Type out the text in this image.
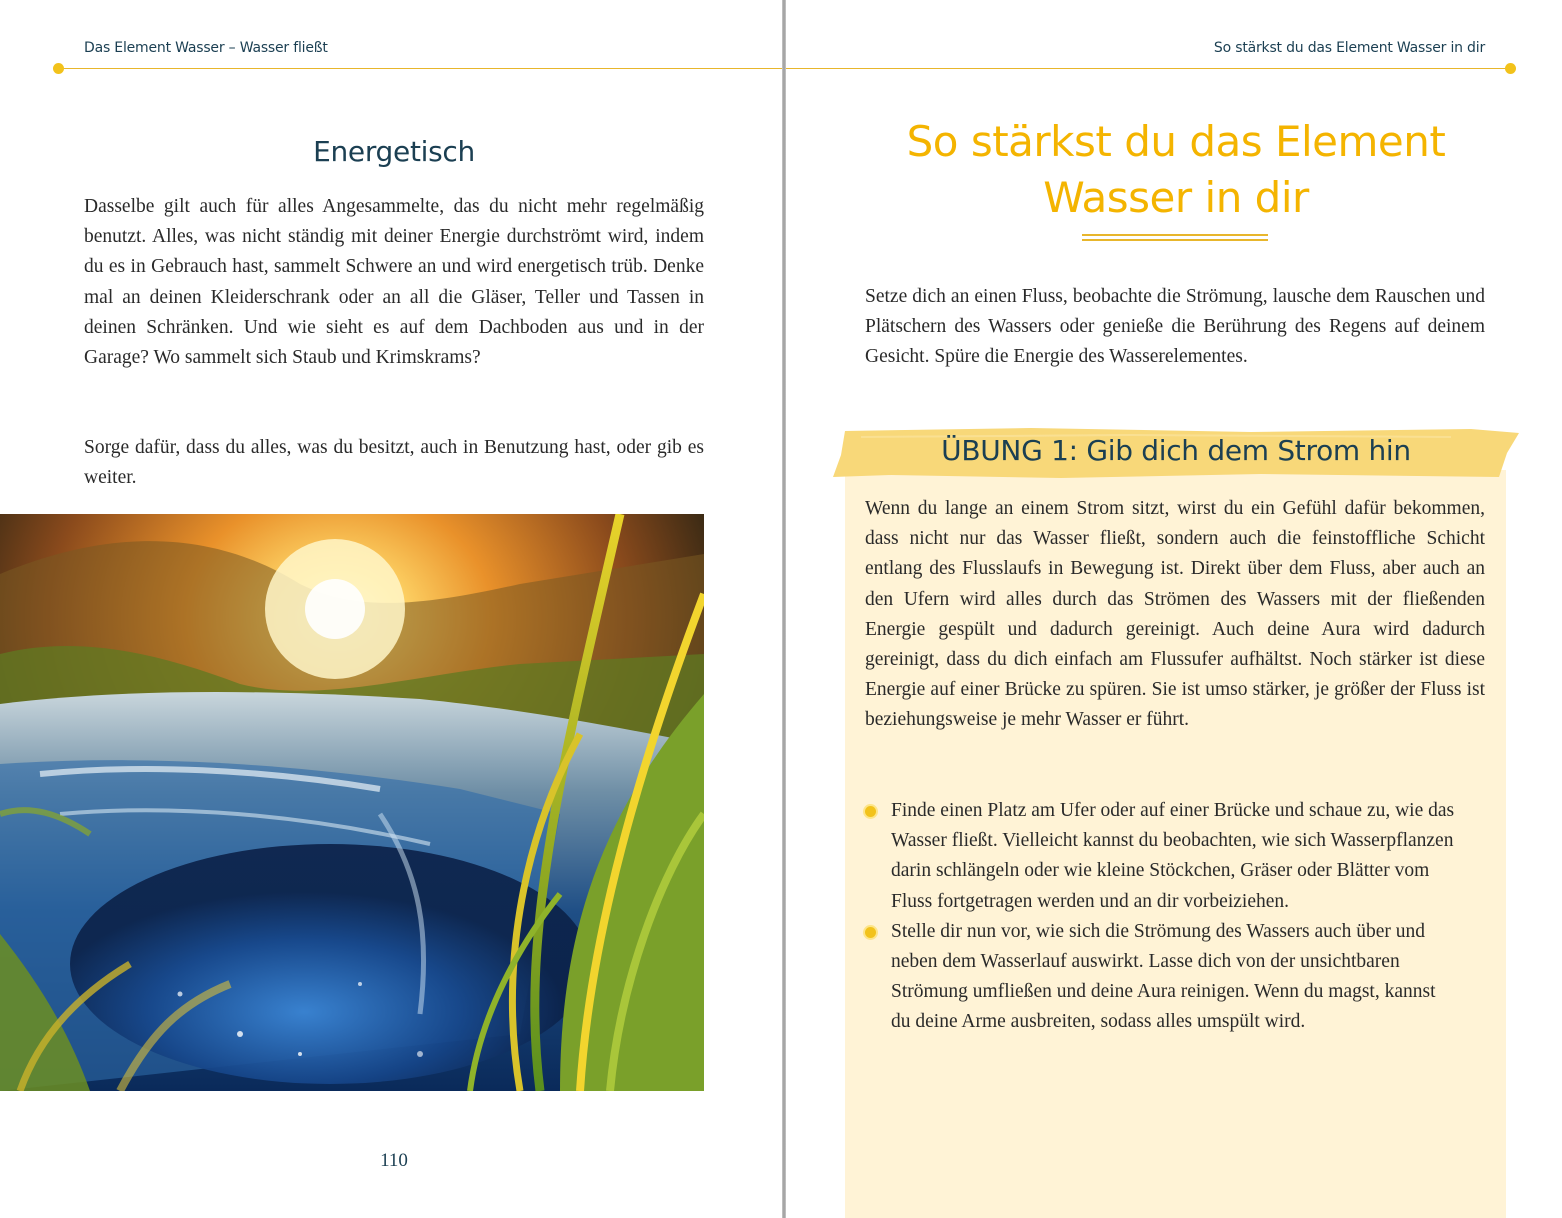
Das Element Wasser – Wasser fließt
Energetisch

Dasselbe gilt auch für alles Angesammelte, das du nicht mehr regelmäßig benutzt. Alles, was nicht ständig mit deiner Energie durchströmt wird, indem du es in Gebrauch hast, sammelt Schwere an und wird energetisch trüb. Denke mal an deinen Kleiderschrank oder an all die Gläser, Teller und Tassen in deinen Schränken. Und wie sieht es auf dem Dachboden aus und in der Garage? Wo sammelt sich Staub und Krimskrams?

Sorge dafür, dass du alles, was du besitzt, auch in Benutzung hast, oder gib es weiter.

110
So stärkst du das Element Wasser in dir
So stärkst du das Element
Wasser in dir

Setze dich an einen Fluss, beobachte die Strömung, lausche dem Rauschen und Plätschern des Wassers oder genieße die Berührung des Regens auf deinem Gesicht. Spüre die Energie des Wasserelementes.

ÜBUNG 1: Gib dich dem Strom hin

Wenn du lange an einem Strom sitzt, wirst du ein Gefühl dafür bekommen, dass nicht nur das Wasser fließt, sondern auch die feinstoffliche Schicht entlang des Flusslaufs in Bewegung ist. Direkt über dem Fluss, aber auch an den Ufern wird alles durch das Strömen des Wassers mit der fließenden Energie gespült und dadurch gereinigt. Auch deine Aura wird dadurch gereinigt, dass du dich einfach am Flussufer aufhältst. Noch stärker ist diese Energie auf einer Brücke zu spüren. Sie ist umso stärker, je größer der Fluss ist beziehungsweise je mehr Wasser er führt.

Finde einen Platz am Ufer oder auf einer Brücke und schaue zu, wie das Wasser fließt. Vielleicht kannst du beobachten, wie sich Wasserpflanzen darin schlängeln oder wie kleine Stöckchen, Gräser oder Blätter vom Fluss fortgetragen werden und an dir vorbeiziehen.
Stelle dir nun vor, wie sich die Strömung des Wassers auch über und neben dem Wasserlauf auswirkt. Lasse dich von der unsichtbaren Strömung umfließen und deine Aura reinigen. Wenn du magst, kannst du deine Arme ausbreiten, sodass alles umspült wird.
